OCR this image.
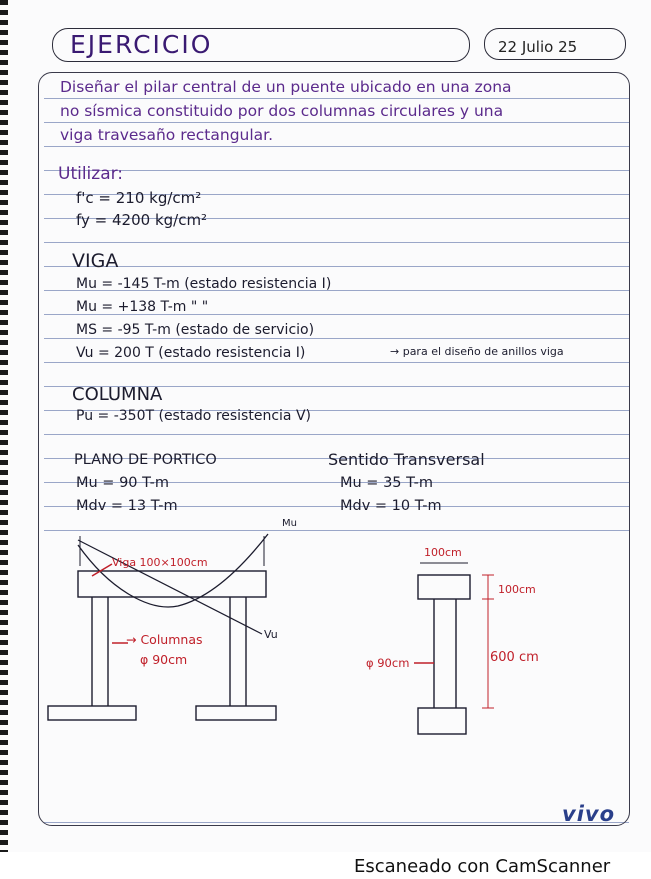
EJERCICIO	22 Julio 25
Diseñar el pilar central de un puente ubicado en una zona
no sísmica constituido por dos columnas circulares y una
viga travesaño rectangular.
Utilizar:
f'c = 210 kg/cm²
fy = 4200 kg/cm²
VIGA
Mu = -145 T-m (estado resistencia I)
Mu = +138 T-m " "
MS = -95 T-m (estado de servicio)
Vu = 200 T (estado resistencia I)	→ para el diseño de anillos viga
COLUMNA
Pu = -350T (estado resistencia V)
PLANO DE PORTICO
Mu = 90 T-m
Mdv = 13 T-m
Sentido Transversal
Mu = 35 T-m
Mdv = 10 T-m
Mu
Viga 100×100cm
→ Columnas
φ 90cm
Vu
100cm
100cm
φ 90cm	600 cm
vivo
Escaneado con CamScanner
